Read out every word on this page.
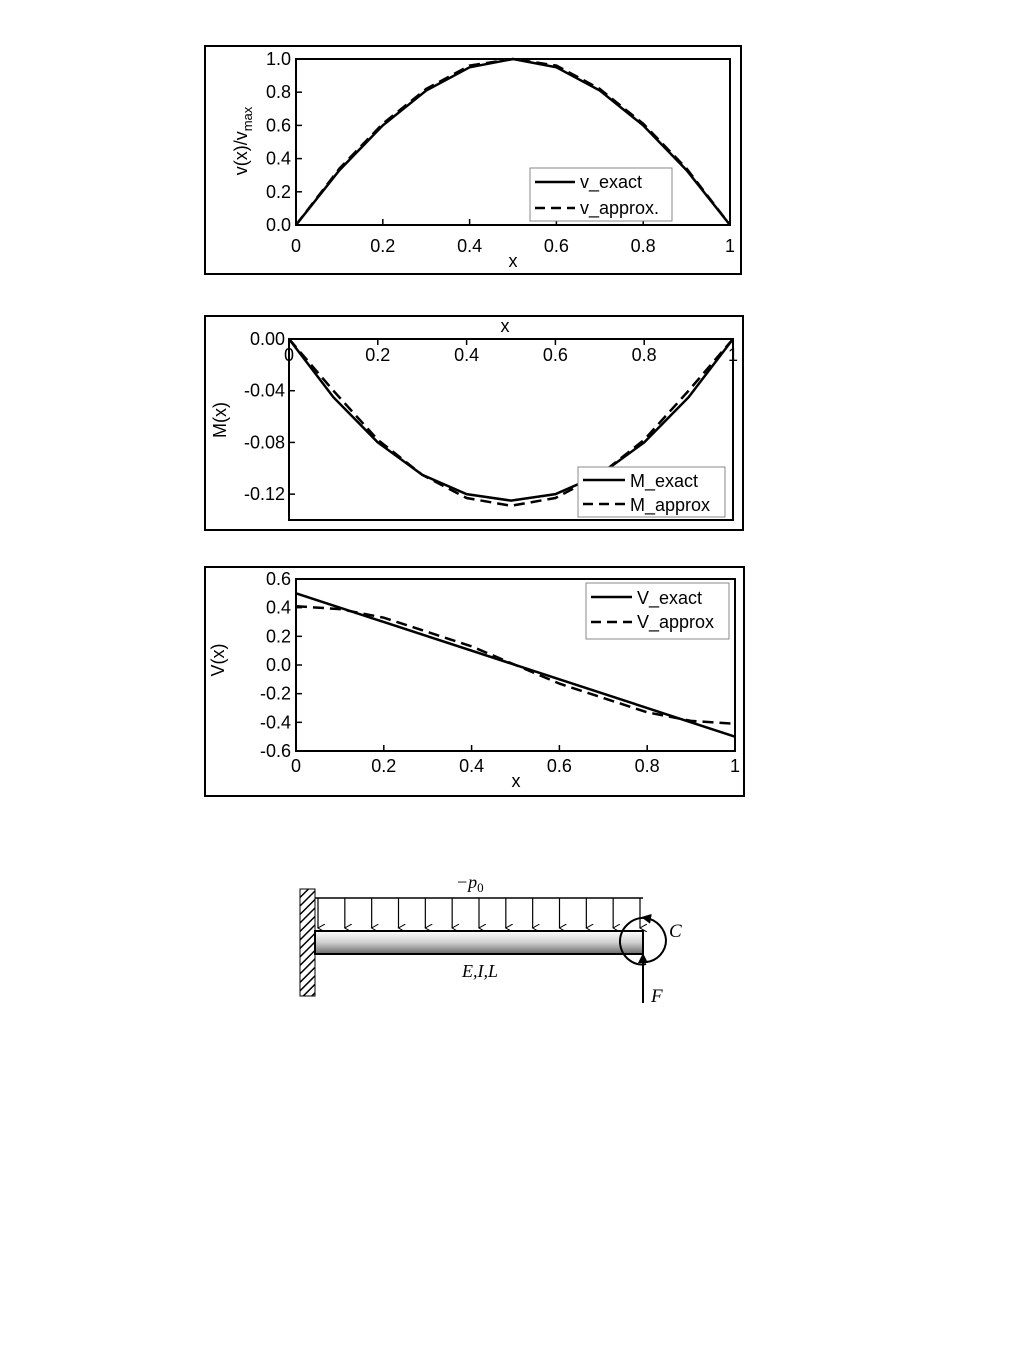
0.0
0.2
0.4
0.6
0.8
1.0
0	0.2	0.4	0.6	0.8	1
x
$v(x)/v_{max}$
v_exact
v_approx.
0.00
-0.04
-0.08
-0.12
0	0.2	0.4	0.6	0.8	1
x
M(x)
M_exact
M_approx
0.6
0.4
0.2
0.0
-0.2
-0.4
-0.6
0	0.2	0.4	0.6	0.8	1
x
V(x)
V_exact
V_approx
$-p_0$
C
F
E,I,L
